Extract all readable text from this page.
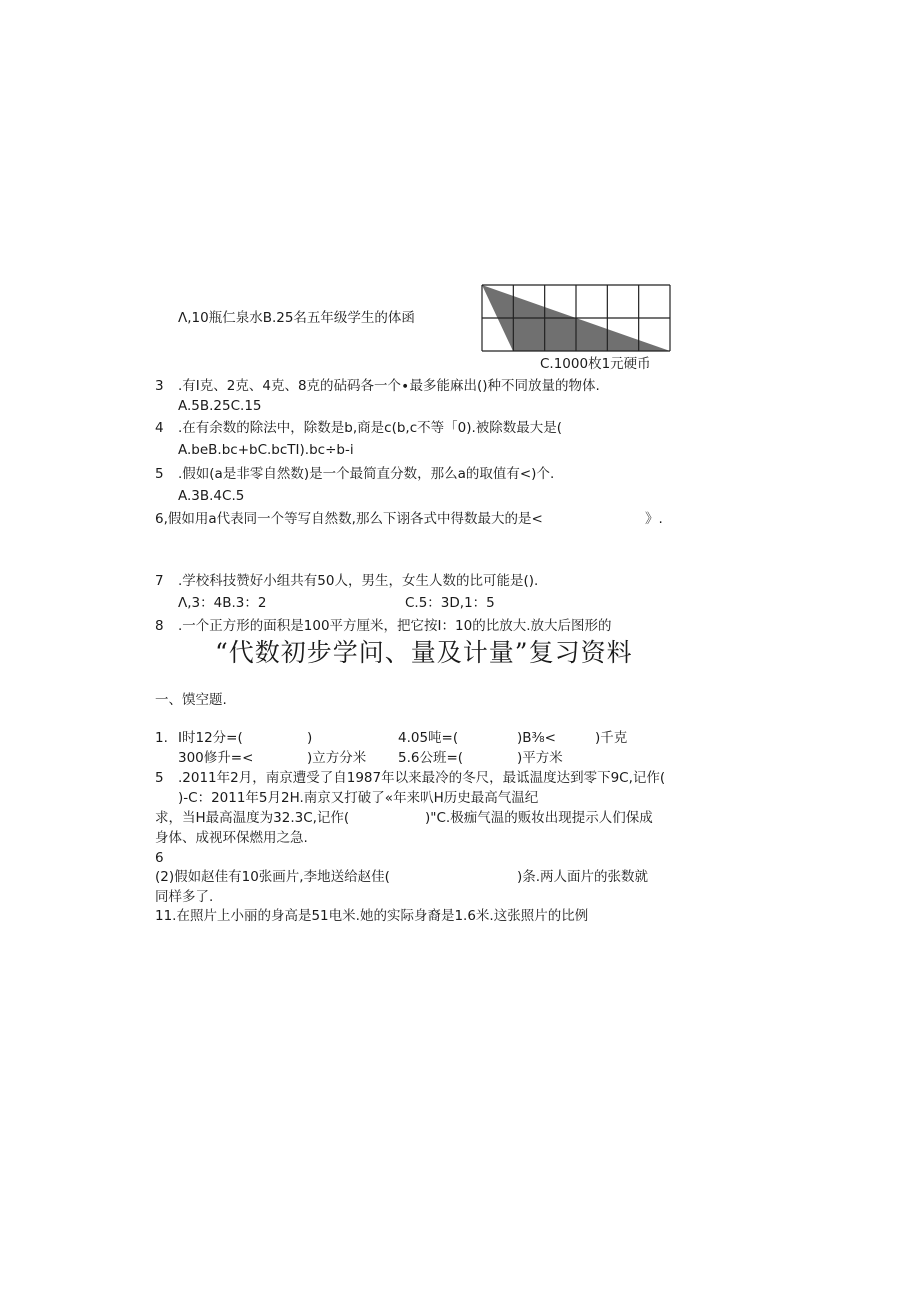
Λ,10瓶仁泉水B.25名五年级学生的体函
C.1000枚1元硬币
3 .有I克、2克、4克、8克的砧码各一个∙最多能麻出()种不同放量的物体.
A.5B.25C.15
4 .在有余数的除法中，除数是b,商是c(b,c不等「0).被除数最大是(
A.beB.bc+bC.bcTI).bc÷b-i
5 .假如(a是非零自然数)是一个最简直分数，那么a的取值有<)个.
A.3B.4C.5
6,假如用a代表同一个等写自然数,那么下诩各式中得数最大的是<	》.
7 .学校科技赞好小组共有50人，男生，女生人数的比可能是().
Λ,3：4B.3：2	C.5：3D,1：5
8 .一个正方形的面积是100平方厘米，把它按I：10的比放大.放大后图形的
“代数初步学问、量及计量”复习资料
一、馍空题.
1. I时12分=(	)	4.05吨=(	)B⅜<	)千克
300修升=<	)立方分米 5.6公班=(	)平方米
5 .2011年2月，南京遭受了自1987年以来最冷的冬尺，最诋温度达到零下9C,记作(
)-C：2011年5月2H.南京又打破了«年来叭H历史最高气温纪
求，当H最高温度为32.3C,记作(	)"C.极痂气温的贩妆出现提示人们保成
身体、成视环保燃用之急.
6
(2)假如赵佳有10张画片,李地送给赵佳(	)条.两人面片的张数就
同样多了.
11.在照片上小丽的身高是51电米.她的实际身裔是1.6米.这张照片的比例
